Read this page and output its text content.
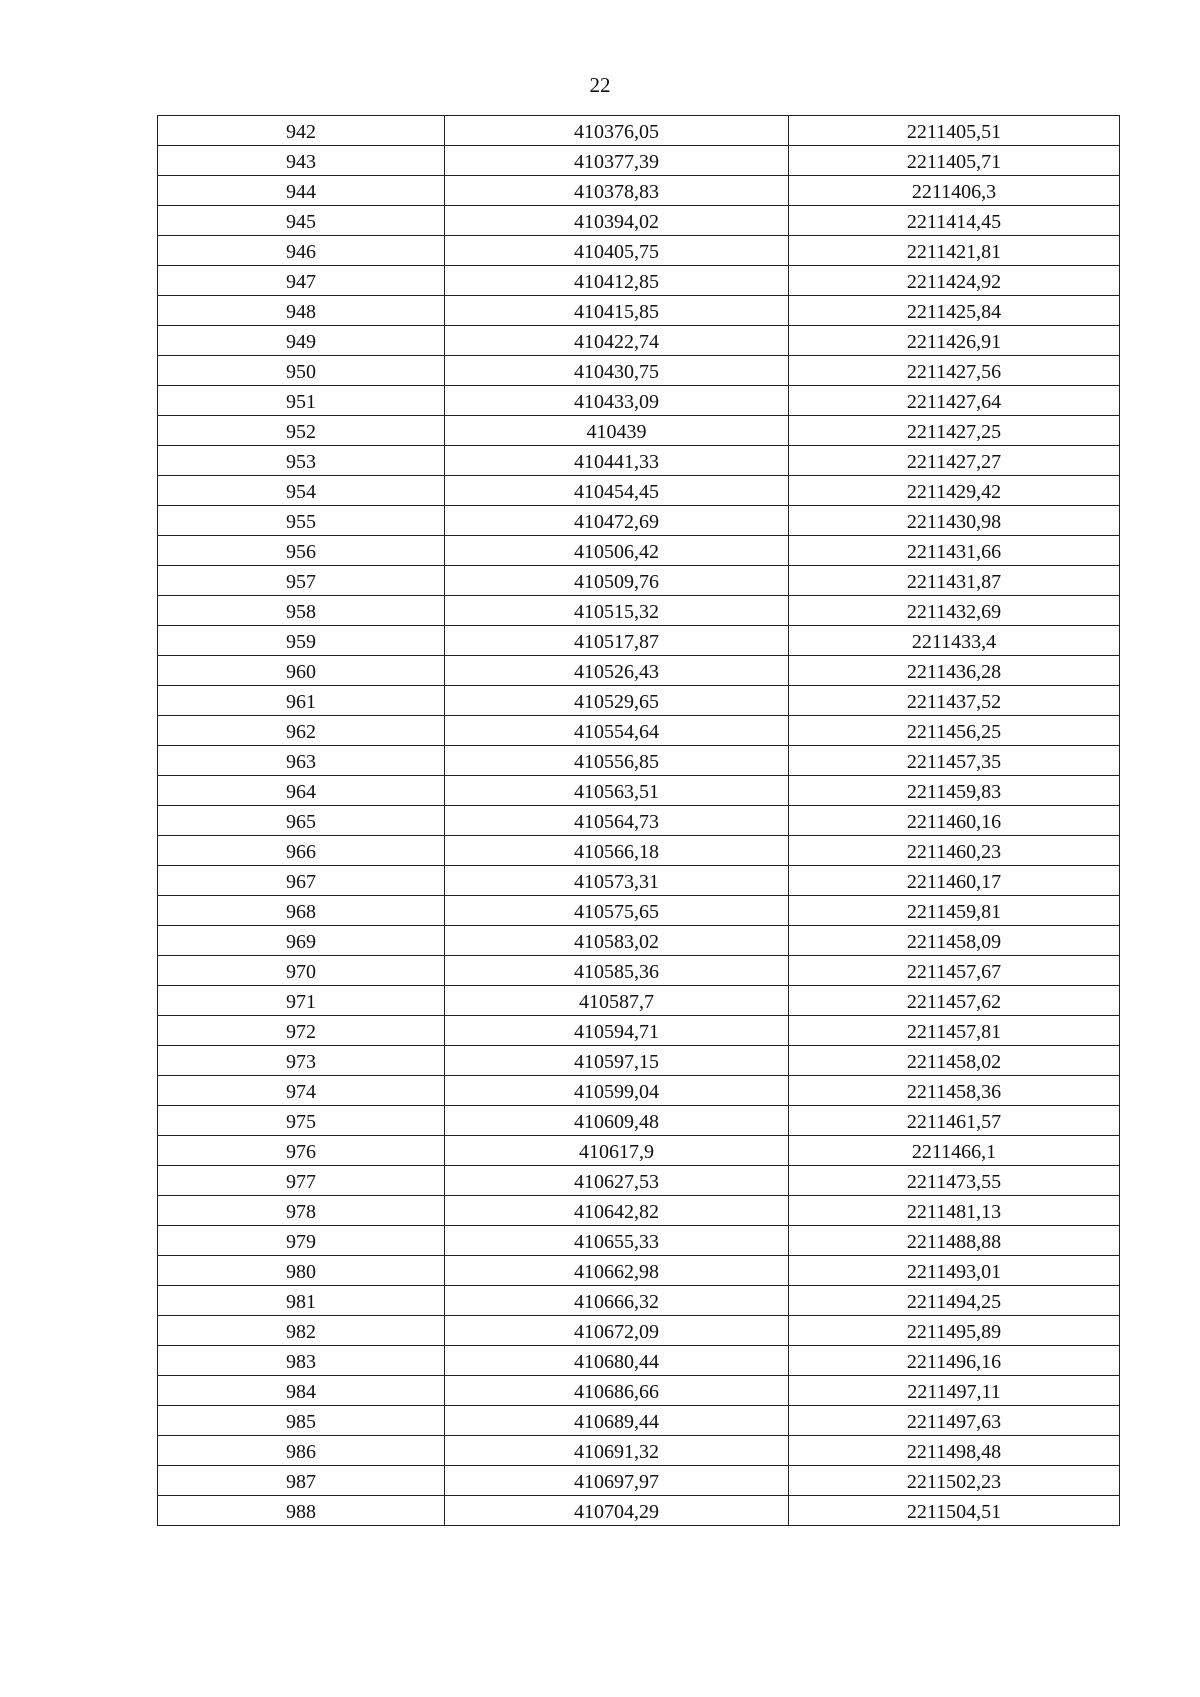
22
942	410376,05	2211405,51
943	410377,39	2211405,71
944	410378,83	2211406,3
945	410394,02	2211414,45
946	410405,75	2211421,81
947	410412,85	2211424,92
948	410415,85	2211425,84
949	410422,74	2211426,91
950	410430,75	2211427,56
951	410433,09	2211427,64
952	410439	2211427,25
953	410441,33	2211427,27
954	410454,45	2211429,42
955	410472,69	2211430,98
956	410506,42	2211431,66
957	410509,76	2211431,87
958	410515,32	2211432,69
959	410517,87	2211433,4
960	410526,43	2211436,28
961	410529,65	2211437,52
962	410554,64	2211456,25
963	410556,85	2211457,35
964	410563,51	2211459,83
965	410564,73	2211460,16
966	410566,18	2211460,23
967	410573,31	2211460,17
968	410575,65	2211459,81
969	410583,02	2211458,09
970	410585,36	2211457,67
971	410587,7	2211457,62
972	410594,71	2211457,81
973	410597,15	2211458,02
974	410599,04	2211458,36
975	410609,48	2211461,57
976	410617,9	2211466,1
977	410627,53	2211473,55
978	410642,82	2211481,13
979	410655,33	2211488,88
980	410662,98	2211493,01
981	410666,32	2211494,25
982	410672,09	2211495,89
983	410680,44	2211496,16
984	410686,66	2211497,11
985	410689,44	2211497,63
986	410691,32	2211498,48
987	410697,97	2211502,23
988	410704,29	2211504,51
